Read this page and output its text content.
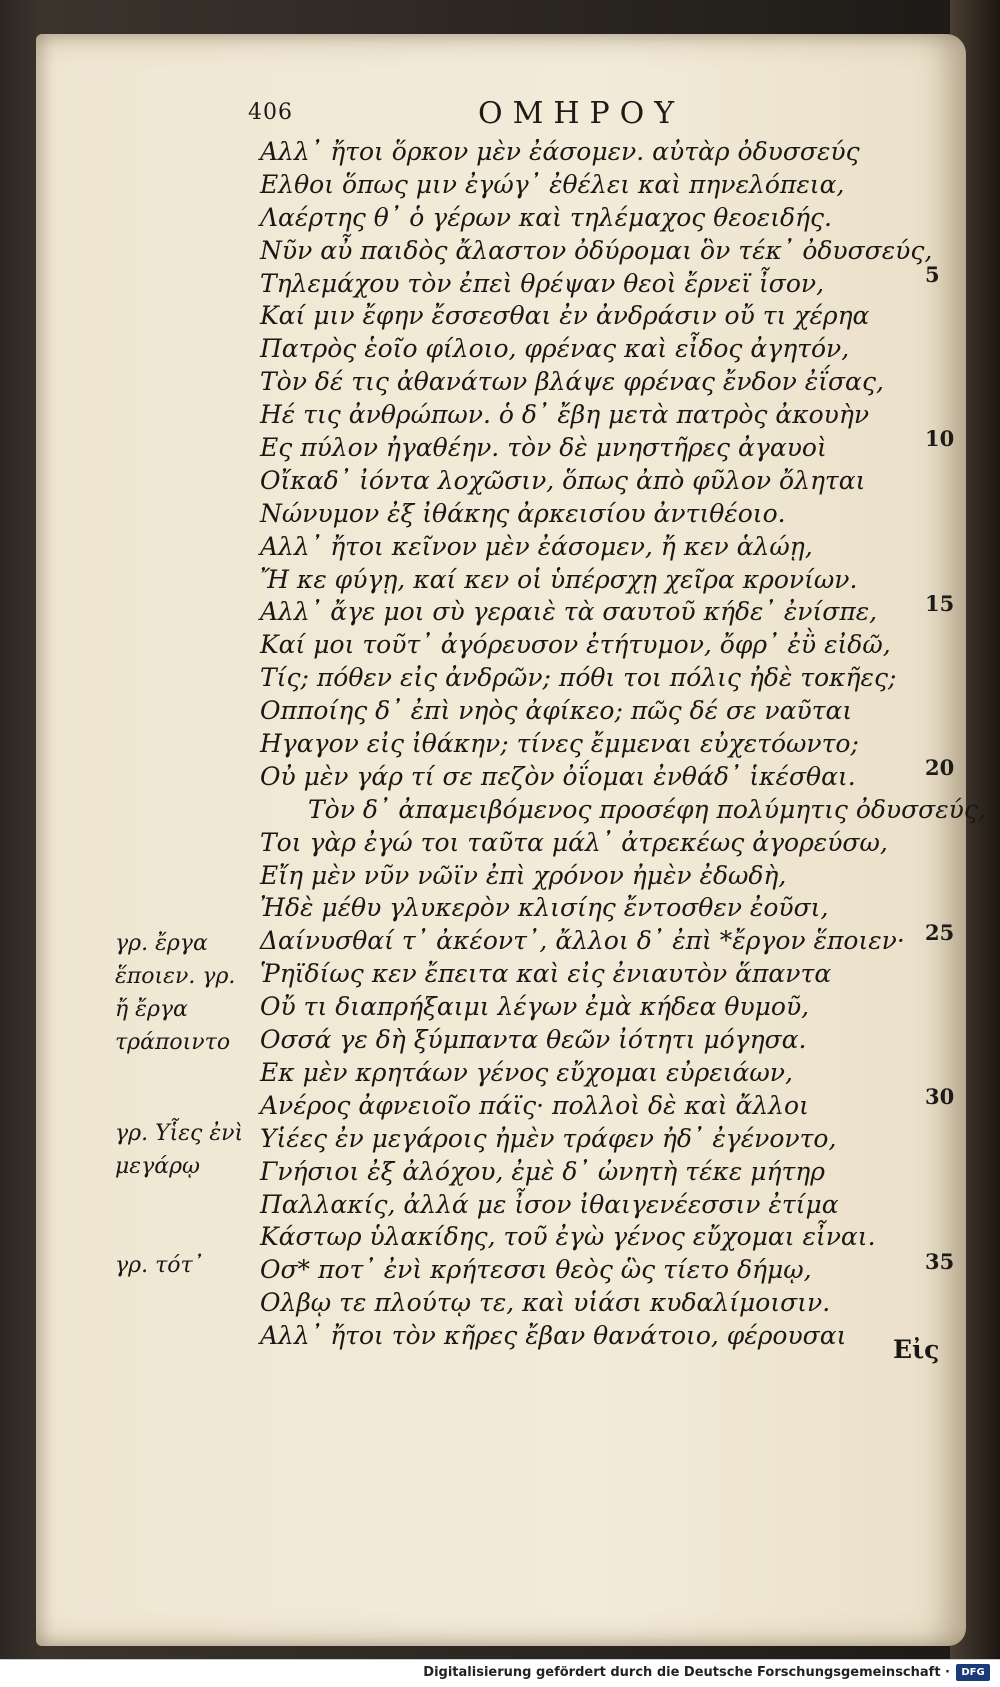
406	ΟΜΗΡΟΥ
Αλλ᾽ ἤτοι ὅρκον μὲν ἐάσομεν. αὐτὰρ ὀδυσσεύς
Ελθοι ὅπως μιν ἐγώγ᾽ ἐθέλει καὶ πηνελόπεια,
Λαέρτης θ᾽ ὁ γέρων καὶ τηλέμαχος θεοειδής.
Νῦν αὖ παιδὸς ἄλαστον ὀδύρομαι ὃν τέκ᾽ ὀδυσσεύς,
Τηλεμάχου τὸν ἐπεὶ θρέψαν θεοὶ ἔρνεϊ ἶσον,
Καί μιν ἔφην ἔσσεσθαι ἐν ἀνδράσιν οὔ τι χέρηα
Πατρὸς ἑοῖο φίλοιο, φρένας καὶ εἶδος ἀγητόν,
Τὸν δέ τις ἀθανάτων βλάψε φρένας ἔνδον ἐΐσας,
Ηέ τις ἀνθρώπων. ὁ δ᾽ ἔβη μετὰ πατρὸς ἀκουὴν
Ες πύλον ἠγαθέην. τὸν δὲ μνηστῆρες ἀγαυοὶ
Οἴκαδ᾽ ἰόντα λοχῶσιν, ὅπως ἀπὸ φῦλον ὄληται
Νώνυμον ἐξ ἰθάκης ἀρκεισίου ἀντιθέοιο.
Αλλ᾽ ἤτοι κεῖνον μὲν ἐάσομεν, ἤ κεν ἁλώῃ,
Ἤ κε φύγῃ, καί κεν οἱ ὑπέρσχῃ χεῖρα κρονίων.
Αλλ᾽ ἄγε μοι σὺ γεραιὲ τὰ σαυτοῦ κήδε᾽ ἐνίσπε,
Καί μοι τοῦτ᾽ ἀγόρευσον ἐτήτυμον, ὄφρ᾽ ἐῢ εἰδῶ,
Τίς; πόθεν εἰς ἀνδρῶν; πόθι τοι πόλις ἠδὲ τοκῆες;
Οπποίης δ᾽ ἐπὶ νηὸς ἀφίκεο; πῶς δέ σε ναῦται
Ηγαγον εἰς ἰθάκην; τίνες ἔμμεναι εὐχετόωντο;
Οὐ μὲν γάρ τί σε πεζὸν ὀΐομαι ἐνθάδ᾽ ἱκέσθαι.
Τὸν δ᾽ ἀπαμειβόμενος προσέφη πολύμητις ὀδυσσεύς,
Τοι γὰρ ἐγώ τοι ταῦτα μάλ᾽ ἀτρεκέως ἀγορεύσω,
Εἴη μὲν νῦν νῶϊν ἐπὶ χρόνον ἠμὲν ἐδωδὴ,
Ἠδὲ μέθυ γλυκερὸν κλισίης ἔντοσθεν ἐοῦσι,
Δαίνυσθαί τ᾽ ἀκέοντ᾽, ἄλλοι δ᾽ ἐπὶ *ἔργον ἕποιεν·
Ῥηϊδίως κεν ἔπειτα καὶ εἰς ἐνιαυτὸν ἅπαντα
Οὔ τι διαπρήξαιμι λέγων ἐμὰ κήδεα θυμοῦ,
Οσσά γε δὴ ξύμπαντα θεῶν ἰότητι μόγησα.
Εκ μὲν κρητάων γένος εὔχομαι εὐρειάων,
Ανέρος ἀφνειοῖο πάϊς· πολλοὶ δὲ καὶ ἄλλοι
Υἱέες ἐν μεγάροις ἠμὲν τράφεν ἠδ᾽ ἐγένοντο,
Γνήσιοι ἐξ ἀλόχου, ἐμὲ δ᾽ ὠνητὴ τέκε μήτηρ
Παλλακίς, ἀλλά με ἶσον ἰθαιγενέεσσιν ἐτίμα
Κάστωρ ὑλακίδης, τοῦ ἐγὼ γένος εὔχομαι εἶναι.
Οσ* ποτ᾽ ἐνὶ κρήτεσσι θεὸς ὣς τίετο δήμῳ,
Ολβῳ τε πλούτῳ τε, καὶ υἱάσι κυδαλίμοισιν.
Αλλ᾽ ἤτοι τὸν κῆρες ἔβαν θανάτοιο, φέρουσαι
5
10
15
20
25
30
35
γρ. ἔργα ἕποιεν. γρ. ἤ ἔργα τράποιντο
γρ. Υἷες ἐνὶ μεγάρῳ
γρ. τότ᾽
Εἰς
Digitalisierung gefördert durch die Deutsche Forschungsgemeinschaft ·	DFG
